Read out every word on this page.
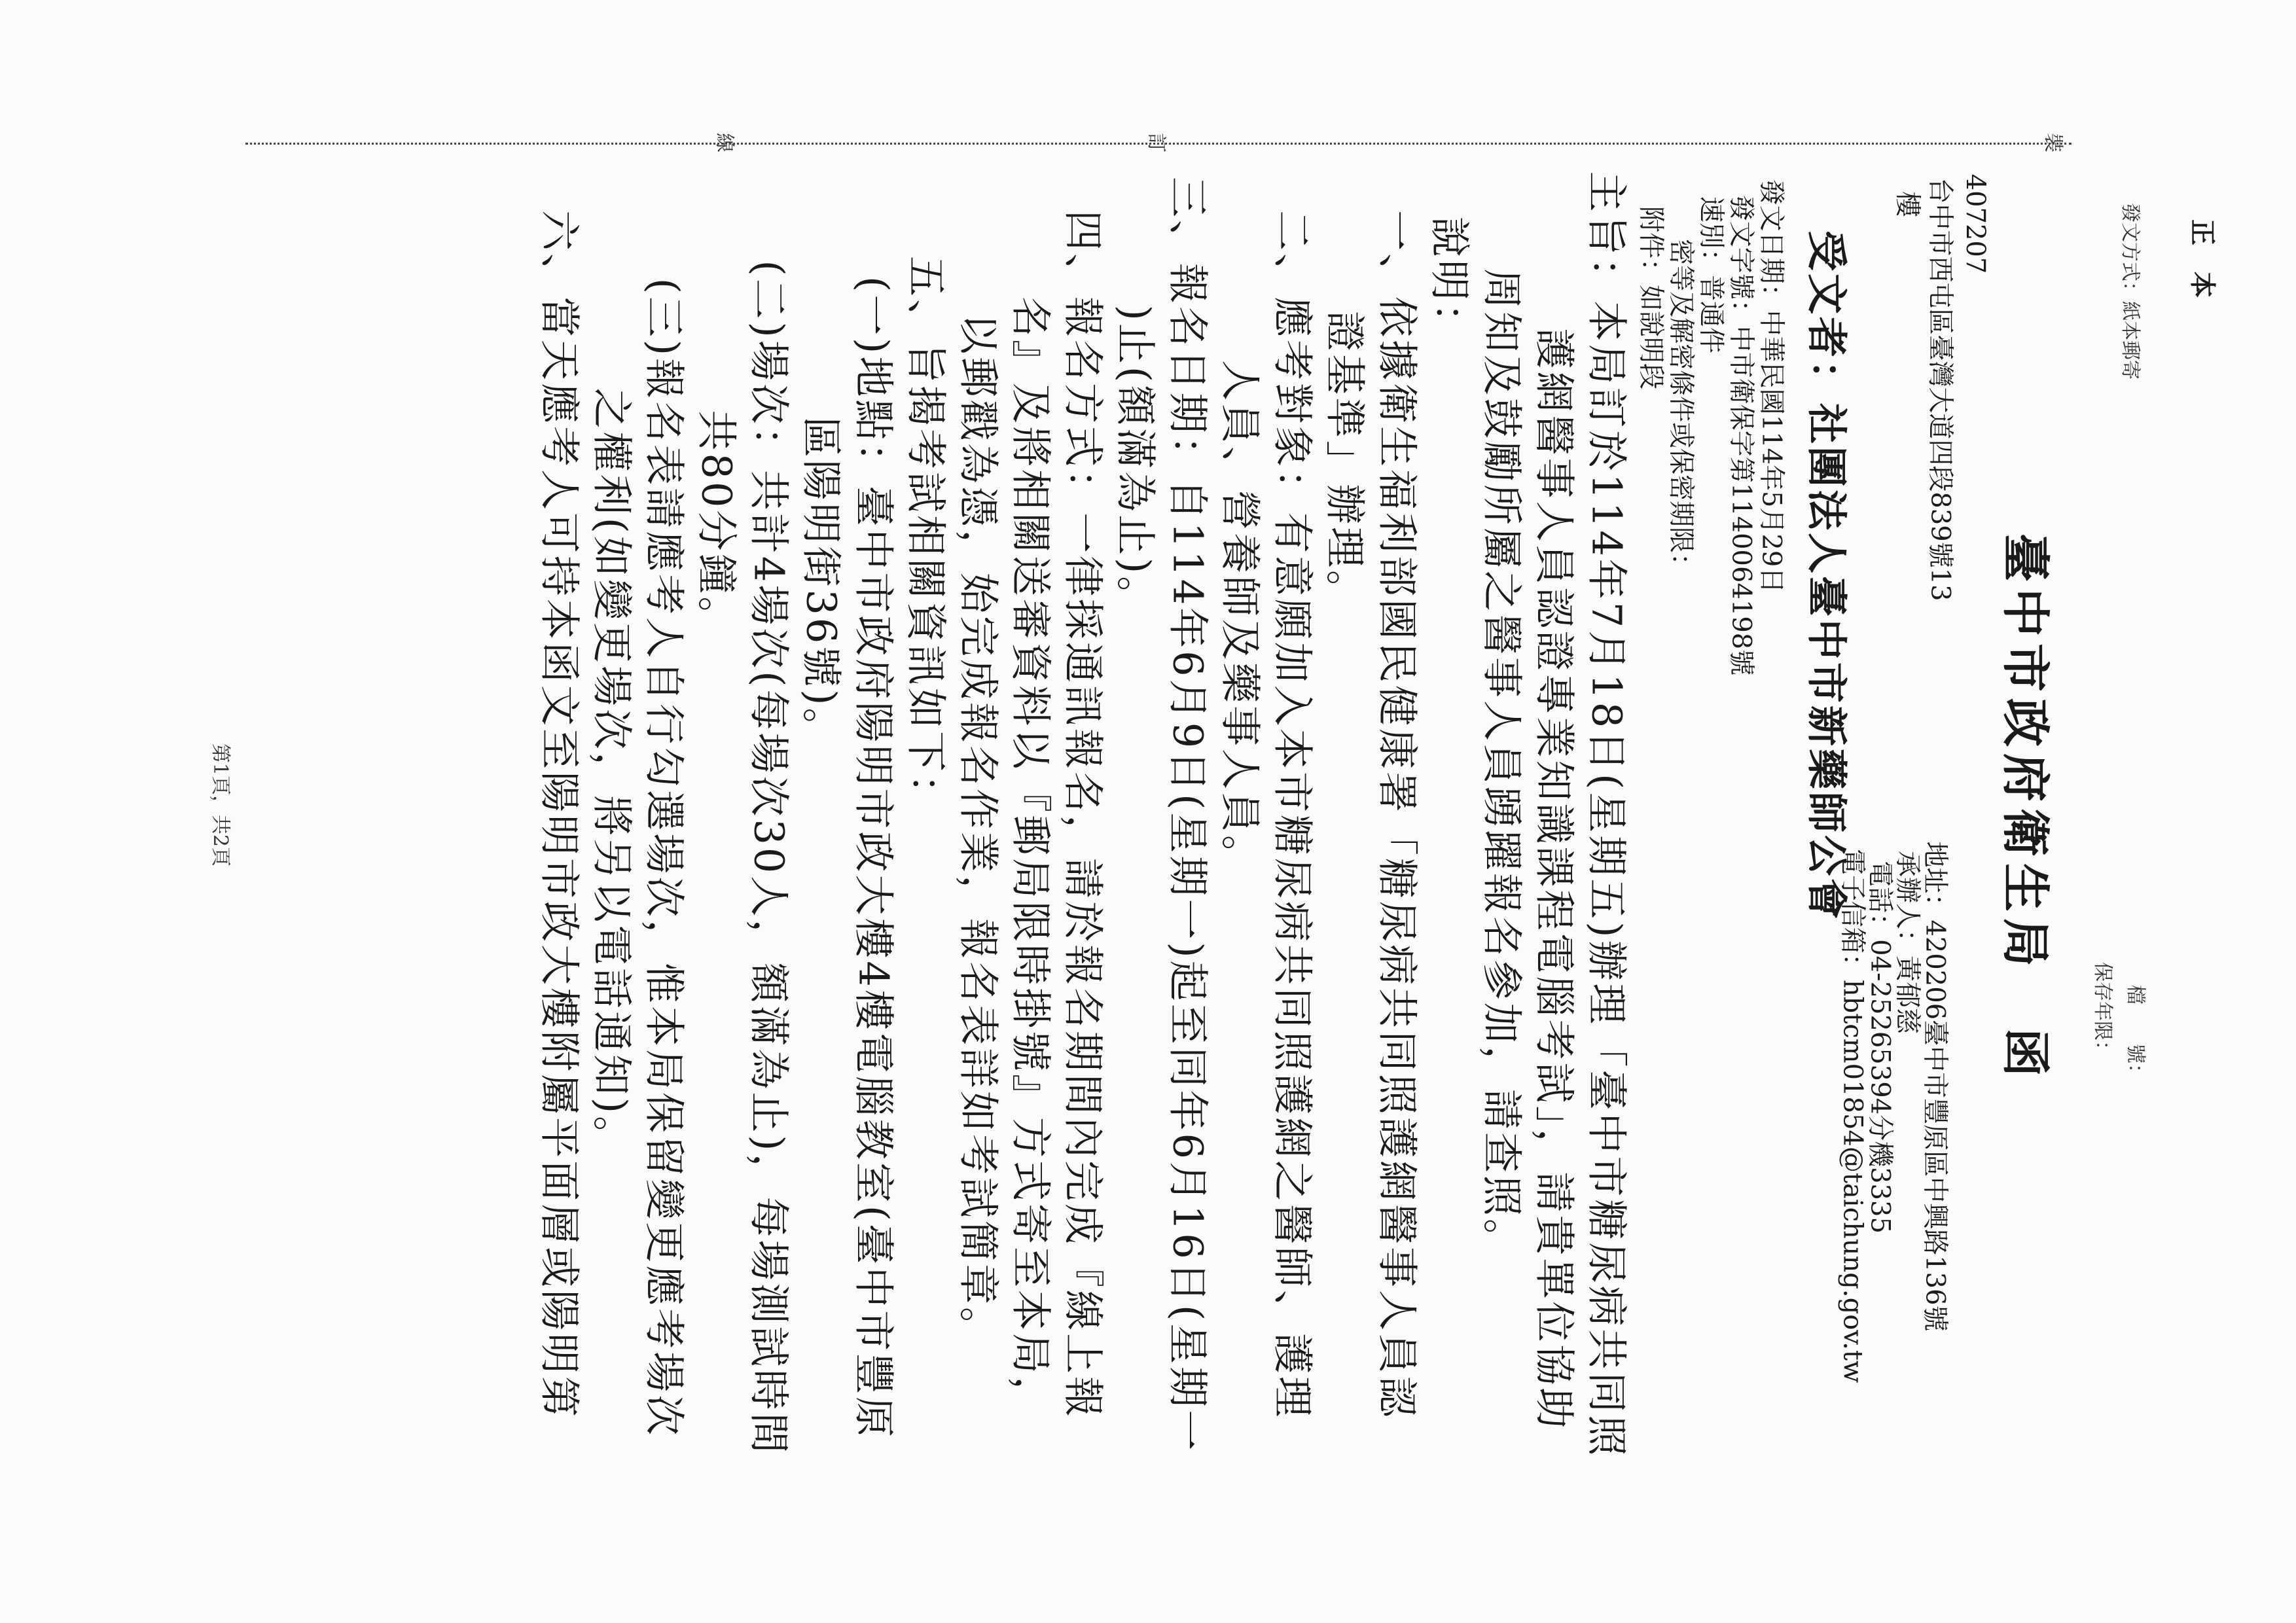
正本
發文方式：紙本郵寄
檔　　號：
保存年限：
裝
訂
線
臺中市政府衛生局　函
地址：420206臺中市豐原區中興路136號
承辦人：黃郁慈
電話：04-25265394分機3335
電子信箱：hbtcm01854@taichung.gov.tw
407207
台中市西屯區臺灣大道四段839號13
樓
受文者：社團法人臺中市新藥師公會
發文日期：中華民國114年5月29日
發文字號：中市衛保字第1140064198號
速別：普通件
密等及解密條件或保密期限：
附件：如說明段
主旨：本局訂於114年7月18日(星期五)辦理「臺中市糖尿病共同照
　　　護網醫事人員認證專業知識課程電腦考試」，請貴單位協助
　　　周知及鼓勵所屬之醫事人員踴躍報名參加，請查照。
說明：
一、依據衛生福利部國民健康署「糖尿病共同照護網醫事人員認
　　證基準」辦理。
二、應考對象：有意願加入本市糖尿病共同照護網之醫師、護理
　　人員、營養師及藥事人員。
三、報名日期：自114年6月9日(星期一)起至同年6月16日(星期一
　　)止(額滿為止)。
四、報名方式：一律採通訊報名，請於報名期間內完成『線上報
　　名』及將相關送審資料以『郵局限時掛號』方式寄至本局，
　　以郵戳為憑，始完成報名作業，報名表詳如考試簡章。
五、旨揭考試相關資訊如下：
　　(一)地點：臺中市政府陽明市政大樓4樓電腦教室(臺中市豐原
　　　　區陽明街36號)。
　　(二)場次：共計4場次(每場次30人，額滿為止)，每場測試時間
　　　　共80分鐘。
　　(三)報名表請應考人自行勾選場次，惟本局保留變更應考場次
　　　　之權利(如變更場次，將另以電話通知)。
六、當天應考人可持本函文至陽明市政大樓附屬平面層或陽明第
第1頁，共2頁
